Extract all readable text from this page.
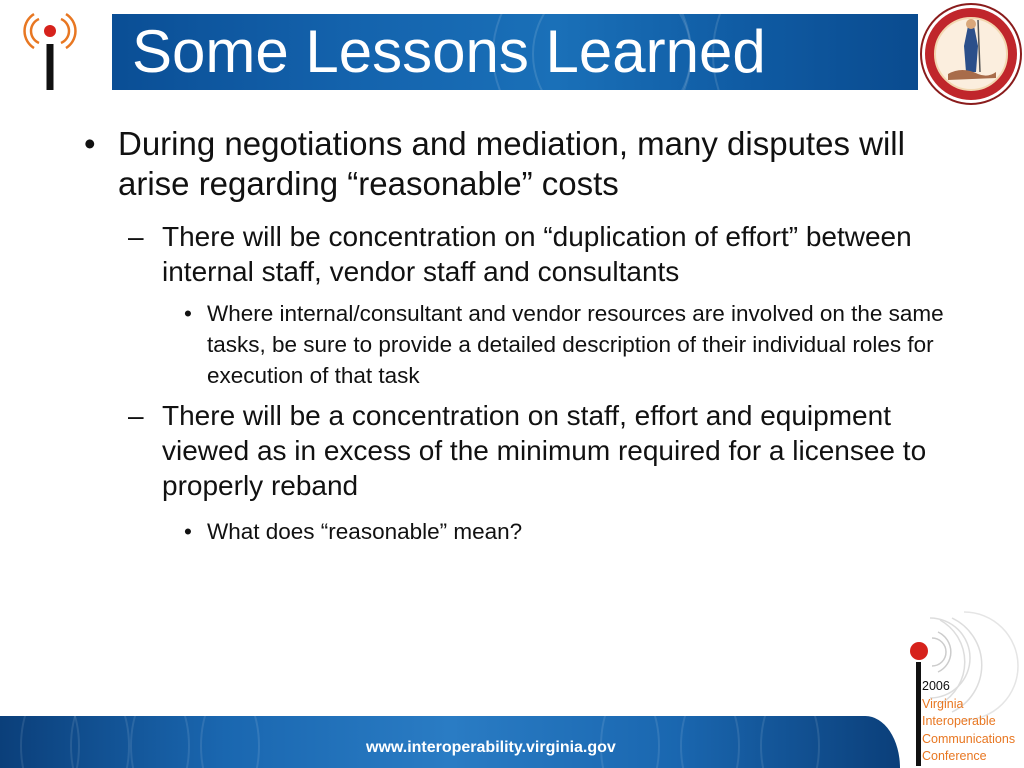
Some Lessons Learned
• During negotiations and mediation, many disputes will arise regarding “reasonable” costs
– There will be concentration on “duplication of effort” between internal staff, vendor staff and consultants
• Where internal/consultant and vendor resources are involved on the same tasks, be sure to provide a detailed description of their individual roles for execution of that task
– There will be a concentration on staff, effort and equipment viewed as in excess of the minimum required for a licensee to properly reband
• What does “reasonable” mean?
www.interoperability.virginia.gov
2006
Virginia
Interoperable
Communications
Conference
